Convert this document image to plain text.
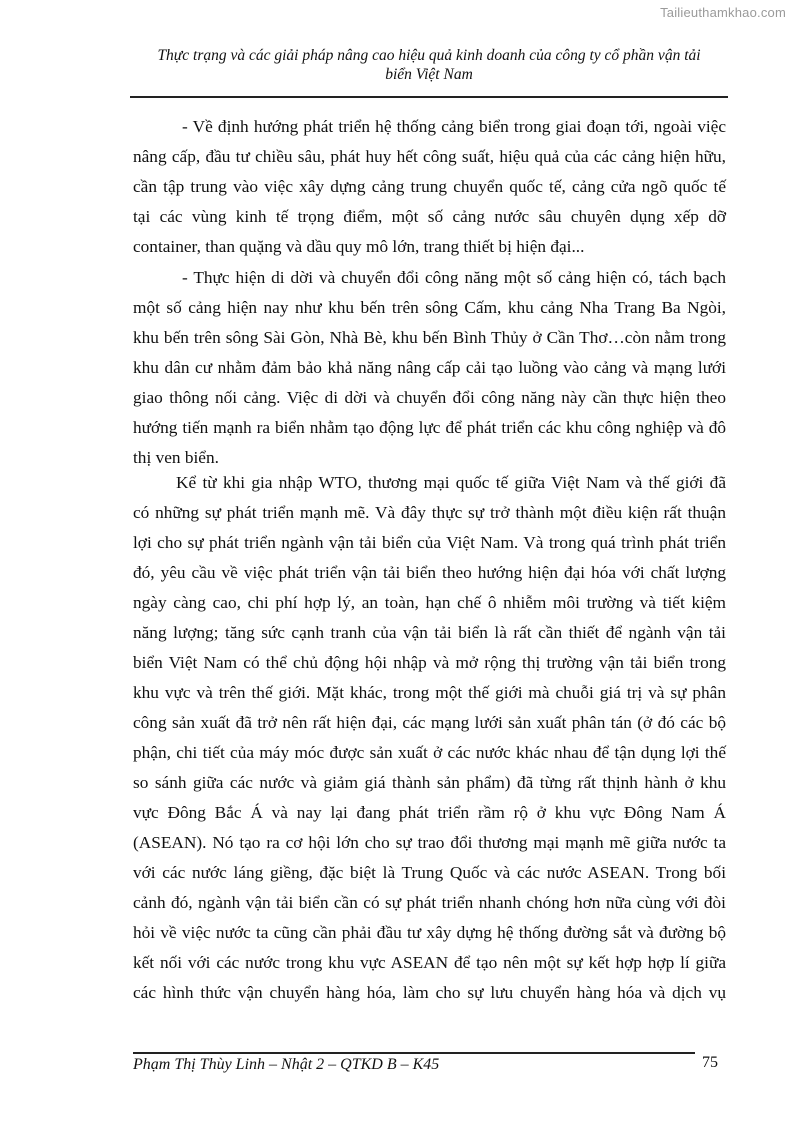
Tailieuthamkhao.com
Thực trạng và các giải pháp nâng cao hiệu quả kinh doanh của công ty cổ phần vận tải
biển Việt Nam
- Về định hướng phát triển hệ thống cảng biển trong giai đoạn tới, ngoài việc
nâng cấp, đầu tư chiều sâu, phát huy hết công suất, hiệu quả của các cảng hiện hữu,
cần tập trung vào việc xây dựng cảng trung chuyển quốc tế, cảng cửa ngõ quốc tế
tại các vùng kinh tế trọng điểm, một số cảng nước sâu chuyên dụng xếp dỡ
container, than quặng và dầu quy mô lớn, trang thiết bị hiện đại...
- Thực hiện di dời và chuyển đổi công năng một số cảng hiện có, tách bạch
một số cảng hiện nay như khu bến trên sông Cấm, khu cảng Nha Trang Ba Ngòi,
khu bến trên sông Sài Gòn, Nhà Bè, khu bến Bình Thủy ở Cần Thơ…còn nằm trong
khu dân cư nhằm đảm bảo khả năng nâng cấp cải tạo luồng vào cảng và mạng lưới
giao thông nối cảng. Việc di dời và chuyển đổi công năng này cần thực hiện theo
hướng tiến mạnh ra biển nhằm tạo động lực để phát triển các khu công nghiệp và đô
thị ven biển.
Kể từ khi gia nhập WTO, thương mại quốc tế giữa Việt Nam và thế giới đã
có những sự phát triển mạnh mẽ. Và đây thực sự trở thành một điều kiện rất thuận
lợi cho sự phát triển ngành vận tải biển của Việt Nam. Và trong quá trình phát triển
đó, yêu cầu về việc phát triển vận tải biển theo hướng hiện đại hóa với chất lượng
ngày càng cao, chi phí hợp lý, an toàn, hạn chế ô nhiễm môi trường và tiết kiệm
năng lượng; tăng sức cạnh tranh của vận tải biển là rất cần thiết để ngành vận tải
biển Việt Nam có thể chủ động hội nhập và mở rộng thị trường vận tải biển trong
khu vực và trên thế giới. Mặt khác, trong một thế giới mà chuỗi giá trị và sự phân
công sản xuất đã trở nên rất hiện đại, các mạng lưới sản xuất phân tán (ở đó các bộ
phận, chi tiết của máy móc được sản xuất ở các nước khác nhau để tận dụng lợi thế
so sánh giữa các nước và giảm giá thành sản phẩm) đã từng rất thịnh hành ở khu
vực Đông Bắc Á và nay lại đang phát triển rầm rộ ở khu vực Đông Nam Á
(ASEAN). Nó tạo ra cơ hội lớn cho sự trao đổi thương mại mạnh mẽ giữa nước ta
với các nước láng giềng, đặc biệt là Trung Quốc và các nước ASEAN. Trong bối
cảnh đó, ngành vận tải biển cần có sự phát triển nhanh chóng hơn nữa cùng với đòi
hỏi về việc nước ta cũng cần phải đầu tư xây dựng hệ thống đường sắt và đường bộ
kết nối với các nước trong khu vực ASEAN để tạo nên một sự kết hợp hợp lí giữa
các hình thức vận chuyển hàng hóa, làm cho sự lưu chuyển hàng hóa và dịch vụ
Phạm Thị Thùy Linh – Nhật 2 – QTKD B – K45	75
